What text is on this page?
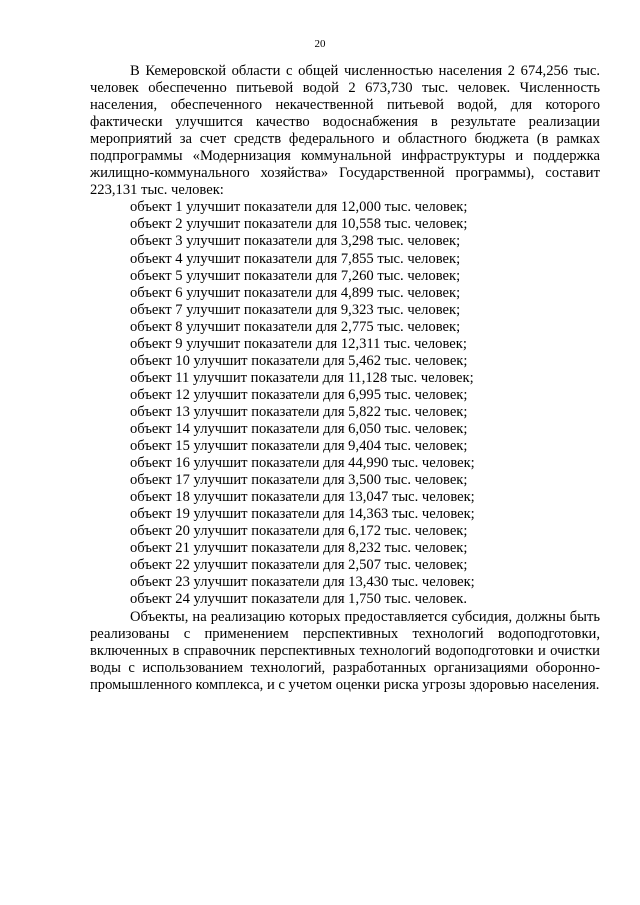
20

В Кемеровской области с общей численностью населения 2 674,256 тыс. человек обеспеченно питьевой водой 2 673,730 тыс. человек. Численность населения, обеспеченного некачественной питьевой водой, для которого фактически улучшится качество водоснабжения в результате реализации мероприятий за счет средств федерального и областного бюджета (в рамках подпрограммы «Модернизация коммунальной инфраструктуры и поддержка жилищно-коммунального хозяйства» Государственной программы), составит 223,131 тыс. человек:

объект 1 улучшит показатели для 12,000 тыс. человек;
объект 2 улучшит показатели для 10,558 тыс. человек;
объект 3 улучшит показатели для 3,298 тыс. человек;
объект 4 улучшит показатели для 7,855 тыс. человек;
объект 5 улучшит показатели для 7,260 тыс. человек;
объект 6 улучшит показатели для 4,899 тыс. человек;
объект 7 улучшит показатели для 9,323 тыс. человек;
объект 8 улучшит показатели для 2,775 тыс. человек;
объект 9 улучшит показатели для 12,311 тыс. человек;
объект 10 улучшит показатели для 5,462 тыс. человек;
объект 11 улучшит показатели для 11,128 тыс. человек;
объект 12 улучшит показатели для 6,995 тыс. человек;
объект 13 улучшит показатели для 5,822 тыс. человек;
объект 14 улучшит показатели для 6,050 тыс. человек;
объект 15 улучшит показатели для 9,404 тыс. человек;
объект 16 улучшит показатели для 44,990 тыс. человек;
объект 17 улучшит показатели для 3,500 тыс. человек;
объект 18 улучшит показатели для 13,047 тыс. человек;
объект 19 улучшит показатели для 14,363 тыс. человек;
объект 20 улучшит показатели для 6,172 тыс. человек;
объект 21 улучшит показатели для 8,232 тыс. человек;
объект 22 улучшит показатели для 2,507 тыс. человек;
объект 23 улучшит показатели для 13,430 тыс. человек;
объект 24 улучшит показатели для 1,750 тыс. человек.

Объекты, на реализацию которых предоставляется субсидия, должны быть реализованы с применением перспективных технологий водоподготовки, включенных в справочник перспективных технологий водоподготовки и очистки воды с использованием технологий, разработанных организациями оборонно-промышленного комплекса, и с учетом оценки риска угрозы здоровью населения.
